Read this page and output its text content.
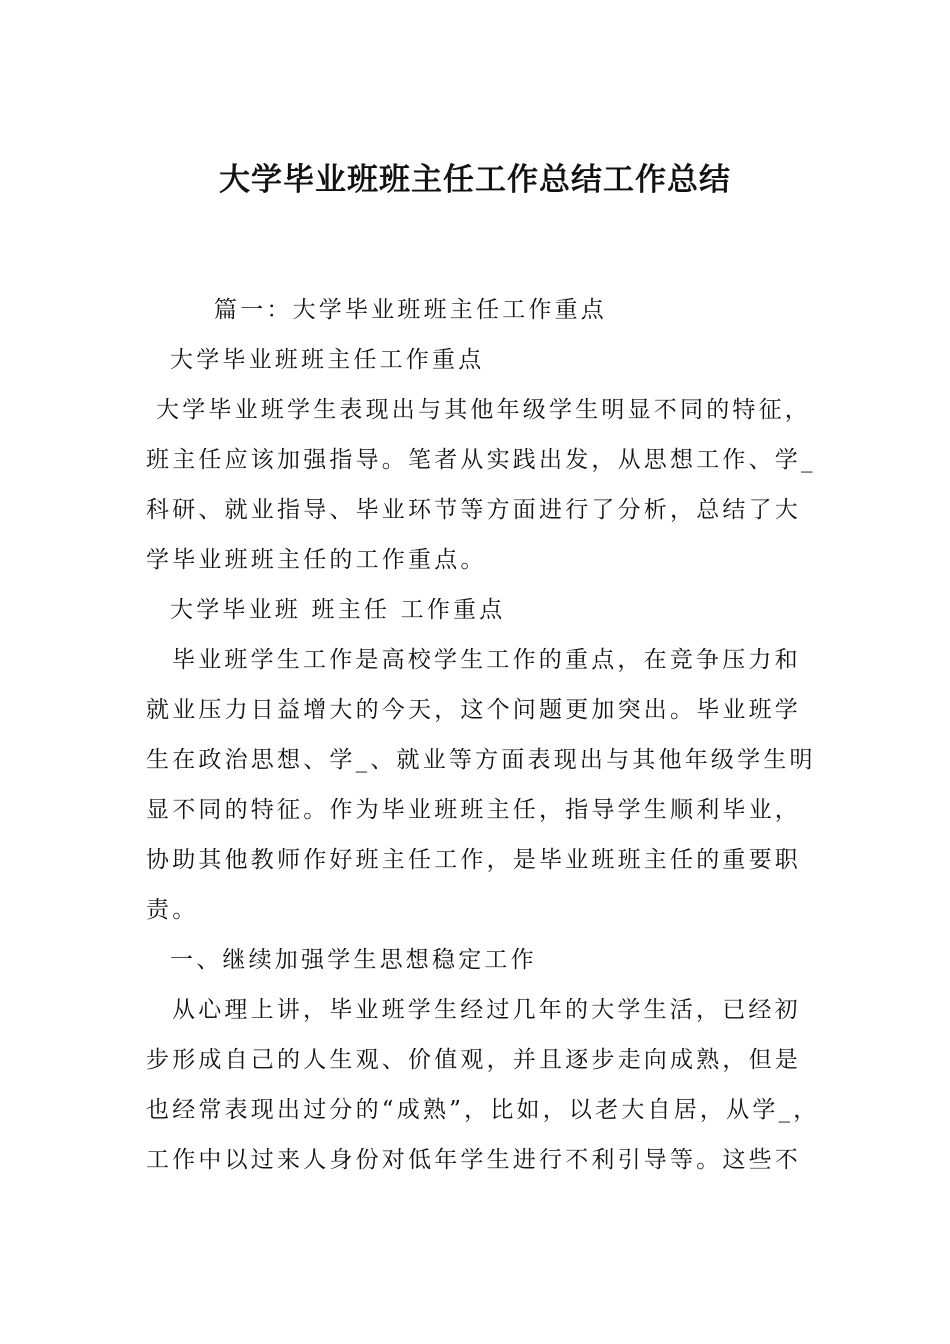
大学毕业班班主任工作总结工作总结
篇一：大学毕业班班主任工作重点
大学毕业班班主任工作重点
大学毕业班学生表现出与其他年级学生明显不同的特征，
班主任应该加强指导。笔者从实践出发，从思想工作、学_
科研、就业指导、毕业环节等方面进行了分析，总结了大
学毕业班班主任的工作重点。
大学毕业班 班主任 工作重点
毕业班学生工作是高校学生工作的重点，在竞争压力和
就业压力日益增大的今天，这个问题更加突出。毕业班学
生在政治思想、学_、就业等方面表现出与其他年级学生明
显不同的特征。作为毕业班班主任，指导学生顺利毕业，
协助其他教师作好班主任工作，是毕业班班主任的重要职
责。
一、继续加强学生思想稳定工作
从心理上讲，毕业班学生经过几年的大学生活，已经初
步形成自己的人生观、价值观，并且逐步走向成熟，但是
也经常表现出过分的“成熟”，比如，以老大自居，从学_，
工作中以过来人身份对低年学生进行不利引导等。这些不
